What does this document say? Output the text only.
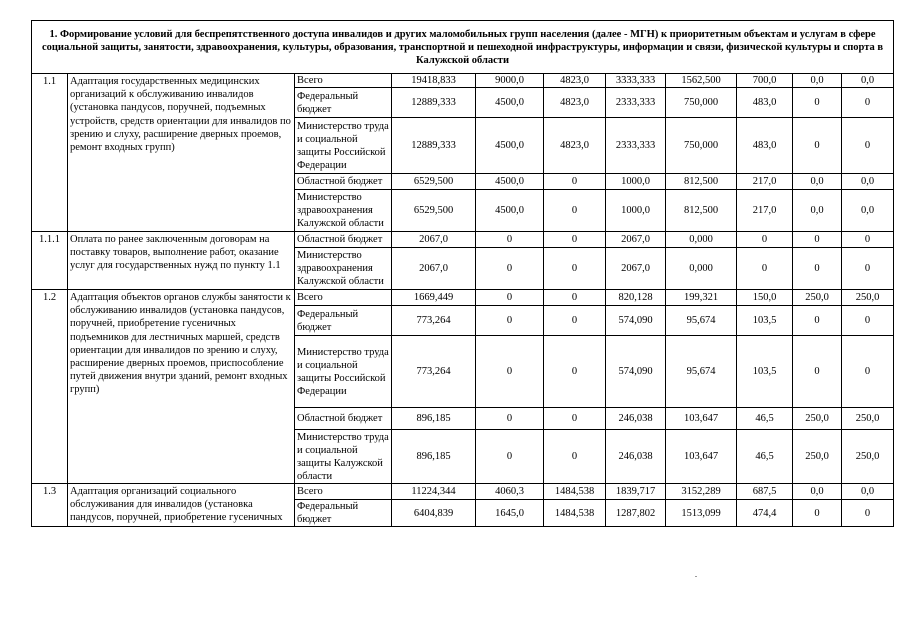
1. Формирование условий для беспрепятственного доступа инвалидов и других маломобильных групп населения (далее - МГН) к приоритетным объектам и услугам в сфере социальной защиты, занятости, здравоохранения, культуры, образования, транспортной и пешеходной инфраструктуры, информации и связи, физической культуры и спорта в Калужской области										
1.1	Адаптация государственных медицинских организаций к обслуживанию инвалидов (установка пандусов, поручней, подъемных устройств, средств ориентации для инвалидов по зрению и слуху, расширение дверных проемов, ремонт входных групп)	Всего	19418,833	9000,0	4823,0	3333,333	1562,500	700,0	0,0	0,0
		Федеральный бюджет	12889,333	4500,0	4823,0	2333,333	750,000	483,0	0	0
		Министерство труда и социальной защиты Российской Федерации	12889,333	4500,0	4823,0	2333,333	750,000	483,0	0	0
		Областной бюджет	6529,500	4500,0	0	1000,0	812,500	217,0	0,0	0,0
		Министерство здравоохранения Калужской области	6529,500	4500,0	0	1000,0	812,500	217,0	0,0	0,0
1.1.1	Оплата по ранее заключенным договорам на поставку товаров, выполнение работ, оказание услуг для государственных нужд по пункту 1.1	Областной бюджет	2067,0	0	0	2067,0	0,000	0	0	0
		Министерство здравоохранения Калужской области	2067,0	0	0	2067,0	0,000	0	0	0
1.2	Адаптация объектов органов службы занятости к обслуживанию инвалидов (установка пандусов, поручней, приобретение гусеничных подъемников для лестничных маршей, средств ориентации для инвалидов по зрению и слуху, расширение дверных проемов, приспособление путей движения внутри зданий, ремонт входных групп)	Всего	1669,449	0	0	820,128	199,321	150,0	250,0	250,0
		Федеральный бюджет	773,264	0	0	574,090	95,674	103,5	0	0
		Министерство труда и социальной защиты Российской Федерации	773,264	0	0	574,090	95,674	103,5	0	0
		Областной бюджет	896,185	0	0	246,038	103,647	46,5	250,0	250,0
		Министерство труда и социальной защиты Калужской области	896,185	0	0	246,038	103,647	46,5	250,0	250,0
1.3	Адаптация организаций социального обслуживания для инвалидов (установка пандусов, поручней, приобретение гусеничных	Всего	11224,344	4060,3	1484,538	1839,717	3152,289	687,5	0,0	0,0
		Федеральный бюджет	6404,839	1645,0	1484,538	1287,802	1513,099	474,4	0	0
